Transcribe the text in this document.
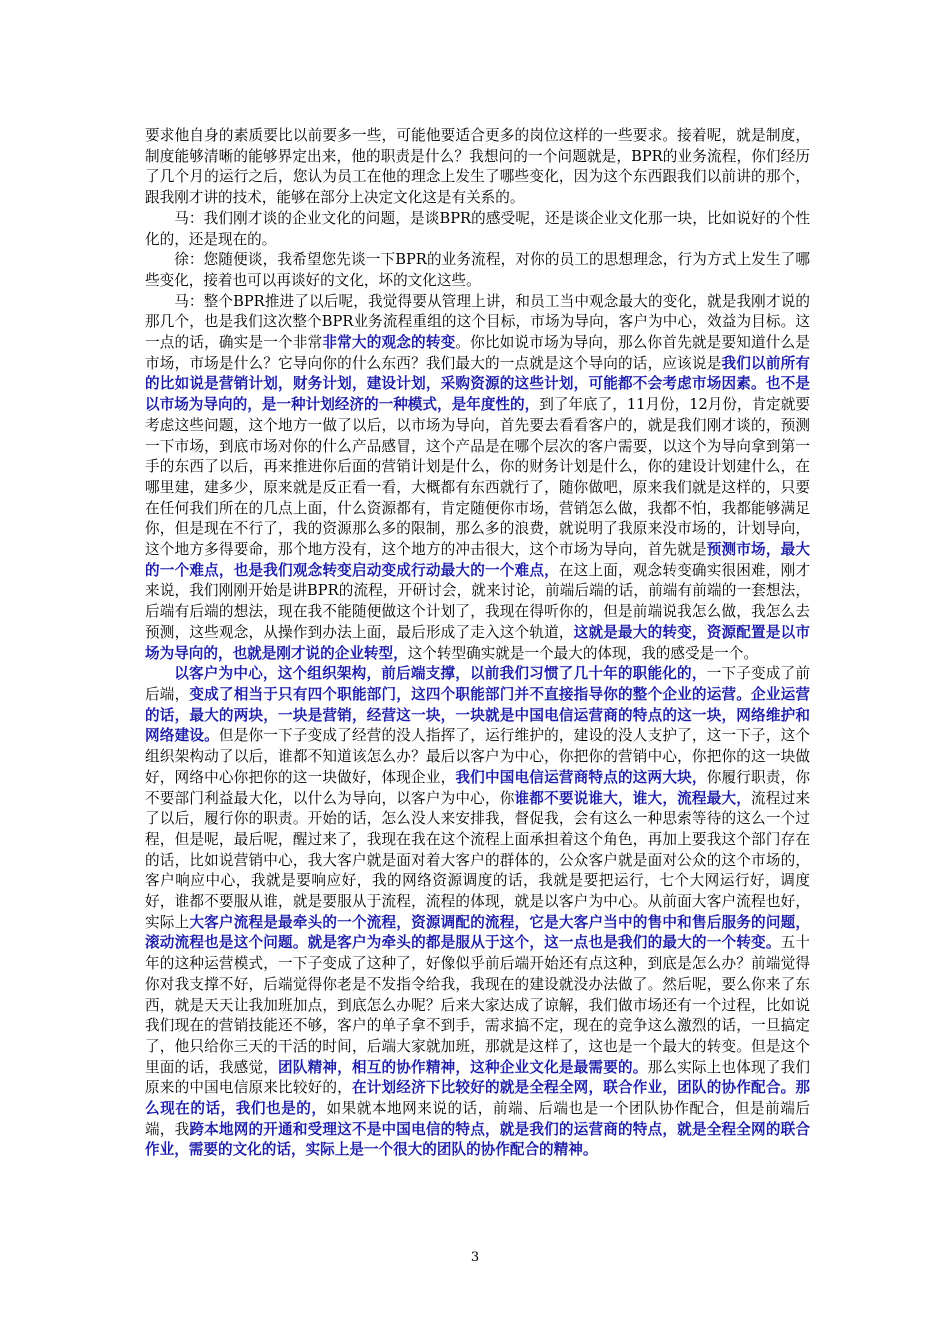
要求他自身的素质要比以前要多一些，可能他要适合更多的岗位这样的一些要求。接着呢，就是制度，制度能够清晰的能够界定出来，他的职责是什么？我想问的一个问题就是，BPR的业务流程，你们经历了几个月的运行之后，您认为员工在他的理念上发生了哪些变化，因为这个东西跟我们以前讲的那个，跟我刚才讲的技术，能够在部分上决定文化这是有关系的。

马：我们刚才谈的企业文化的问题，是谈BPR的感受呢，还是谈企业文化那一块，比如说好的个性化的，还是现在的。

徐：您随便谈，我希望您先谈一下BPR的业务流程，对你的员工的思想理念，行为方式上发生了哪些变化，接着也可以再谈好的文化，坏的文化这些。

马：整个BPR推进了以后呢，我觉得要从管理上讲，和员工当中观念最大的变化，就是我刚才说的那几个，也是我们这次整个BPR业务流程重组的这个目标，市场为导向，客户为中心，效益为目标。这一点的话，确实是一个非常非常大的观念的转变。你比如说市场为导向，那么你首先就是要知道什么是市场，市场是什么？它导向你的什么东西？我们最大的一点就是这个导向的话，应该说是我们以前所有的比如说是营销计划，财务计划，建设计划，采购资源的这些计划，可能都不会考虑市场因素。也不是以市场为导向的，是一种计划经济的一种模式，是年度性的，到了年底了，11月份，12月份，肯定就要考虑这些问题，这个地方一做了以后，以市场为导向，首先要去看看客户的，就是我们刚才谈的，预测一下市场，到底市场对你的什么产品感冒，这个产品是在哪个层次的客户需要，以这个为导向拿到第一手的东西了以后，再来推进你后面的营销计划是什么，你的财务计划是什么，你的建设计划建什么，在哪里建，建多少，原来就是反正看一看，大概都有东西就行了，随你做吧，原来我们就是这样的，只要在任何我们所在的几点上面，什么资源都有，肯定随便你市场，营销怎么做，我都不怕，我都能够满足你，但是现在不行了，我的资源那么多的限制，那么多的浪费，就说明了我原来没市场的，计划导向，这个地方多得要命，那个地方没有，这个地方的冲击很大，这个市场为导向，首先就是预测市场，最大的一个难点，也是我们观念转变启动变成行动最大的一个难点，在这上面，观念转变确实很困难，刚才来说，我们刚刚开始是讲BPR的流程，开研讨会，就来讨论，前端后端的话，前端有前端的一套想法，后端有后端的想法，现在我不能随便做这个计划了，我现在得听你的，但是前端说我怎么做，我怎么去预测，这些观念，从操作到办法上面，最后形成了走入这个轨道，这就是最大的转变，资源配置是以市场为导向的，也就是刚才说的企业转型，这个转型确实就是一个最大的体现，我的感受是一个。

以客户为中心，这个组织架构，前后端支撑，以前我们习惯了几十年的职能化的，一下子变成了前后端，变成了相当于只有四个职能部门，这四个职能部门并不直接指导你的整个企业的运营。企业运营的话，最大的两块，一块是营销，经营这一块，一块就是中国电信运营商的特点的这一块，网络维护和网络建设。但是你一下子变成了经营的没人指挥了，运行维护的，建设的没人支护了，这一下子，这个组织架构动了以后，谁都不知道该怎么办？最后以客户为中心，你把你的营销中心，你把你的这一块做好，网络中心你把你的这一块做好，体现企业，我们中国电信运营商特点的这两大块，你履行职责，你不要部门利益最大化，以什么为导向，以客户为中心，你谁都不要说谁大，谁大，流程最大，流程过来了以后，履行你的职责。开始的话，怎么没人来安排我，督促我，会有这么一种思索等待的这么一个过程，但是呢，最后呢，醒过来了，我现在我在这个流程上面承担着这个角色，再加上要我这个部门存在的话，比如说营销中心，我大客户就是面对着大客户的群体的，公众客户就是面对公众的这个市场的，客户响应中心，我就是要响应好，我的网络资源调度的话，我就是要把运行，七个大网运行好，调度好，谁都不要服从谁，就是要服从于流程，流程的体现，就是以客户为中心。从前面大客户流程也好，实际上大客户流程是最牵头的一个流程，资源调配的流程，它是大客户当中的售中和售后服务的问题，滚动流程也是这个问题。就是客户为牵头的都是服从于这个，这一点也是我们的最大的一个转变。五十年的这种运营模式，一下子变成了这种了，好像似乎前后端开始还有点这种，到底是怎么办？前端觉得你对我支撑不好，后端觉得你老是不发指令给我，我现在的建设就没办法做了。然后呢，要么你来了东西，就是天天让我加班加点，到底怎么办呢？后来大家达成了谅解，我们做市场还有一个过程，比如说我们现在的营销技能还不够，客户的单子拿不到手，需求搞不定，现在的竞争这么激烈的话，一旦搞定了，他只给你三天的干活的时间，后端大家就加班，那就是这样了，这也是一个最大的转变。但是这个里面的话，我感觉，团队精神，相互的协作精神，这种企业文化是最需要的。那么实际上也体现了我们原来的中国电信原来比较好的，在计划经济下比较好的就是全程全网，联合作业，团队的协作配合。那么现在的话，我们也是的，如果就本地网来说的话，前端、后端也是一个团队协作配合，但是前端后端，我跨本地网的开通和受理这不是中国电信的特点，就是我们的运营商的特点，就是全程全网的联合作业，需要的文化的话，实际上是一个很大的团队的协作配合的精神。

3
